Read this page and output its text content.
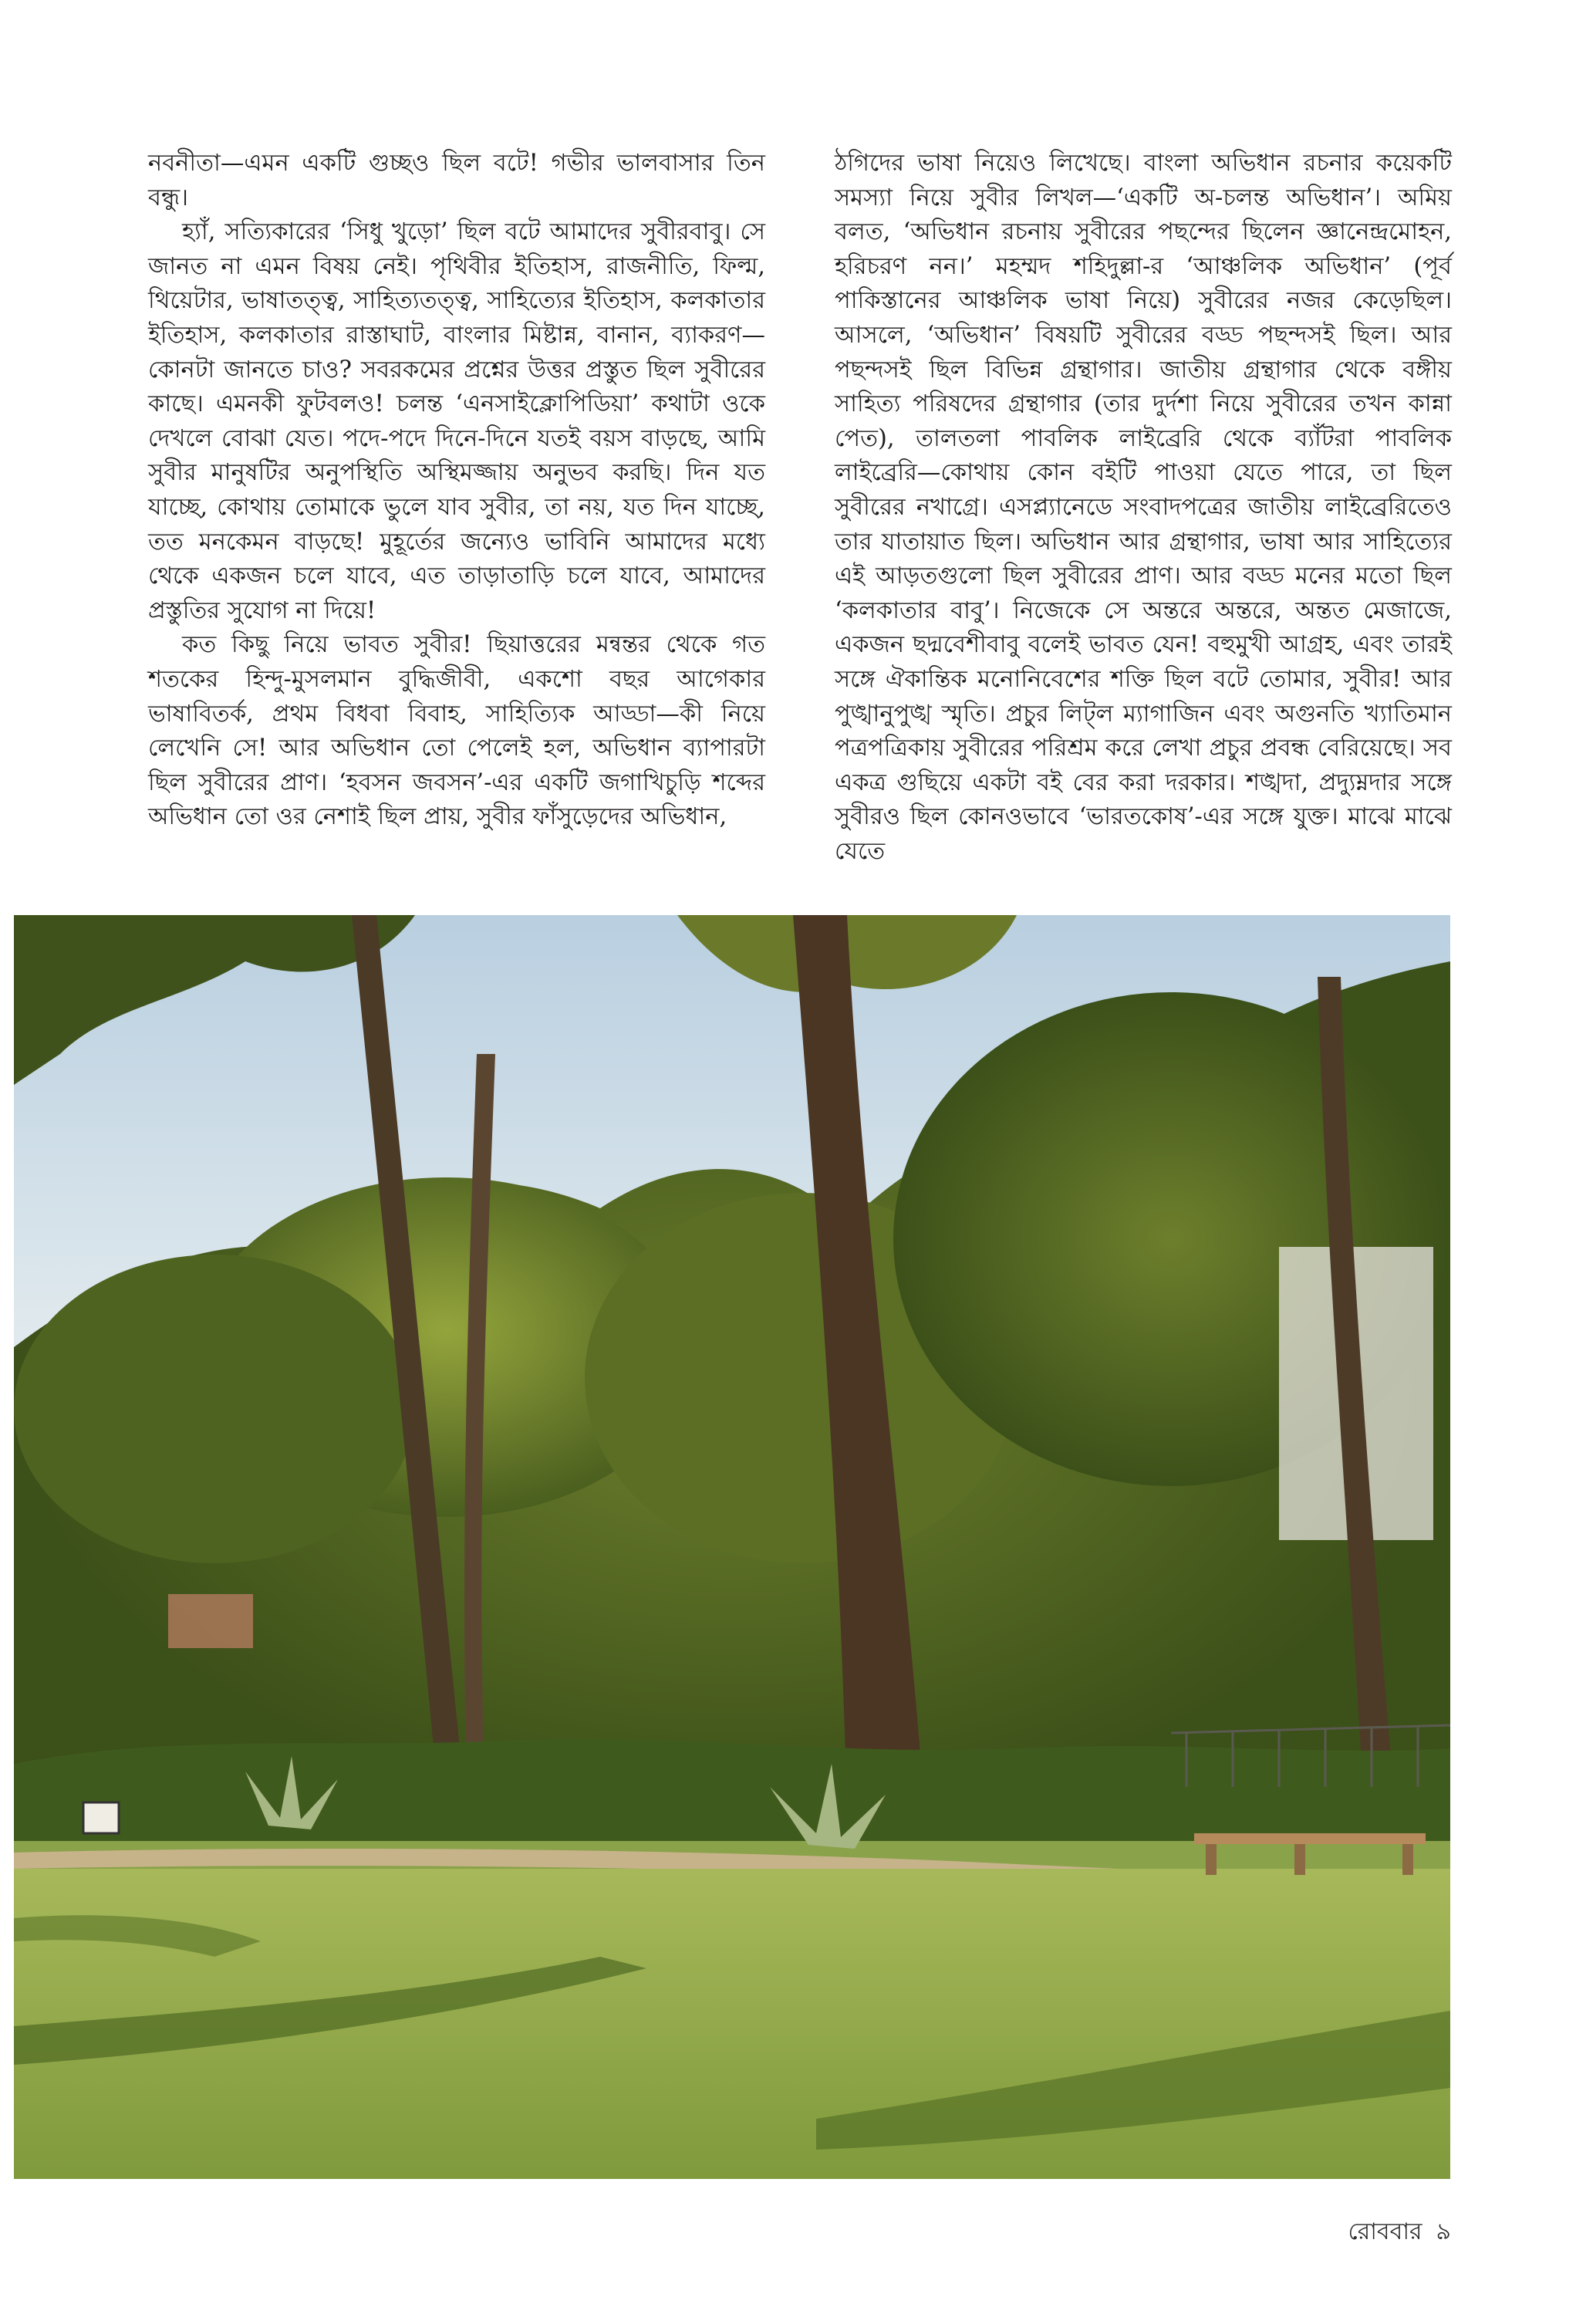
নবনীতা—এমন একটি গুচ্ছও ছিল বটে! গভীর ভালবাসার তিন বন্ধু।

হ্যাঁ, সত্যিকারের ‘সিধু খুড়ো’ ছিল বটে আমাদের সুবীরবাবু। সে জানত না এমন বিষয় নেই। পৃথিবীর ইতিহাস, রাজনীতি, ফিল্ম, থিয়েটার, ভাষাতত্ত্ব, সাহিত্যতত্ত্ব, সাহিত্যের ইতিহাস, কলকাতার ইতিহাস, কলকাতার রাস্তাঘাট, বাংলার মিষ্টান্ন, বানান, ব্যাকরণ—কোনটা জানতে চাও? সবরকমের প্রশ্নের উত্তর প্রস্তুত ছিল সুবীরের কাছে। এমনকী ফুটবলও! চলন্ত ‘এনসাইক্লোপিডিয়া’ কথাটা ওকে দেখলে বোঝা যেত। পদে-পদে দিনে-দিনে যতই বয়স বাড়ছে, আমি সুবীর মানুষটির অনুপস্থিতি অস্থিমজ্জায় অনুভব করছি। দিন যত যাচ্ছে, কোথায় তোমাকে ভুলে যাব সুবীর, তা নয়, যত দিন যাচ্ছে, তত মনকেমন বাড়ছে! মুহূর্তের জন্যেও ভাবিনি আমাদের মধ্যে থেকে একজন চলে যাবে, এত তাড়াতাড়ি চলে যাবে, আমাদের প্রস্তুতির সুযোগ না দিয়ে!

কত কিছু নিয়ে ভাবত সুবীর! ছিয়াত্তরের মন্বন্তর থেকে গত শতকের হিন্দু-মুসলমান বুদ্ধিজীবী, একশো বছর আগেকার ভাষাবিতর্ক, প্রথম বিধবা বিবাহ, সাহিত্যিক আড্ডা—কী নিয়ে লেখেনি সে! আর অভিধান তো পেলেই হল, অভিধান ব্যাপারটা ছিল সুবীরের প্রাণ। ‘হবসন জবসন’-এর একটি জগাখিচুড়ি শব্দের অভিধান তো ওর নেশাই ছিল প্রায়, সুবীর ফাঁসুড়েদের অভিধান,

ঠগিদের ভাষা নিয়েও লিখেছে। বাংলা অভিধান রচনার কয়েকটি সমস্যা নিয়ে সুবীর লিখল—‘একটি অ-চলন্ত অভিধান’। অমিয় বলত, ‘অভিধান রচনায় সুবীরের পছন্দের ছিলেন জ্ঞানেন্দ্রমোহন, হরিচরণ নন।’ মহম্মদ শহিদুল্লা-র ‘আঞ্চলিক অভিধান’ (পূর্ব পাকিস্তানের আঞ্চলিক ভাষা নিয়ে) সুবীরের নজর কেড়েছিল। আসলে, ‘অভিধান’ বিষয়টি সুবীরের বড্ড পছন্দসই ছিল। আর পছন্দসই ছিল বিভিন্ন গ্রন্থাগার। জাতীয় গ্রন্থাগার থেকে বঙ্গীয় সাহিত্য পরিষদের গ্রন্থাগার (তার দুর্দশা নিয়ে সুবীরের তখন কান্না পেত), তালতলা পাবলিক লাইব্রেরি থেকে ব্যাঁটরা পাবলিক লাইব্রেরি—কোথায় কোন বইটি পাওয়া যেতে পারে, তা ছিল সুবীরের নখাগ্রে। এসপ্ল্যানেডে সংবাদপত্রের জাতীয় লাইব্রেরিতেও তার যাতায়াত ছিল। অভিধান আর গ্রন্থাগার, ভাষা আর সাহিত্যের এই আড়তগুলো ছিল সুবীরের প্রাণ। আর বড্ড মনের মতো ছিল ‘কলকাতার বাবু’। নিজেকে সে অন্তরে অন্তরে, অন্তত মেজাজে, একজন ছদ্মবেশীবাবু বলেই ভাবত যেন! বহুমুখী আগ্রহ, এবং তারই সঙ্গে ঐকান্তিক মনোনিবেশের শক্তি ছিল বটে তোমার, সুবীর! আর পুঙ্খানুপুঙ্খ স্মৃতি। প্রচুর লিট্‌ল ম্যাগাজিন এবং অগুনতি খ্যাতিমান পত্রপত্রিকায় সুবীরের পরিশ্রম করে লেখা প্রচুর প্রবন্ধ বেরিয়েছে। সব একত্র গুছিয়ে একটা বই বের করা দরকার। শঙ্খদা, প্রদ্যুম্নদার সঙ্গে সুবীরও ছিল কোনওভাবে ‘ভারতকোষ’-এর সঙ্গে যুক্ত। মাঝে মাঝে যেতে

রোববার ৯
